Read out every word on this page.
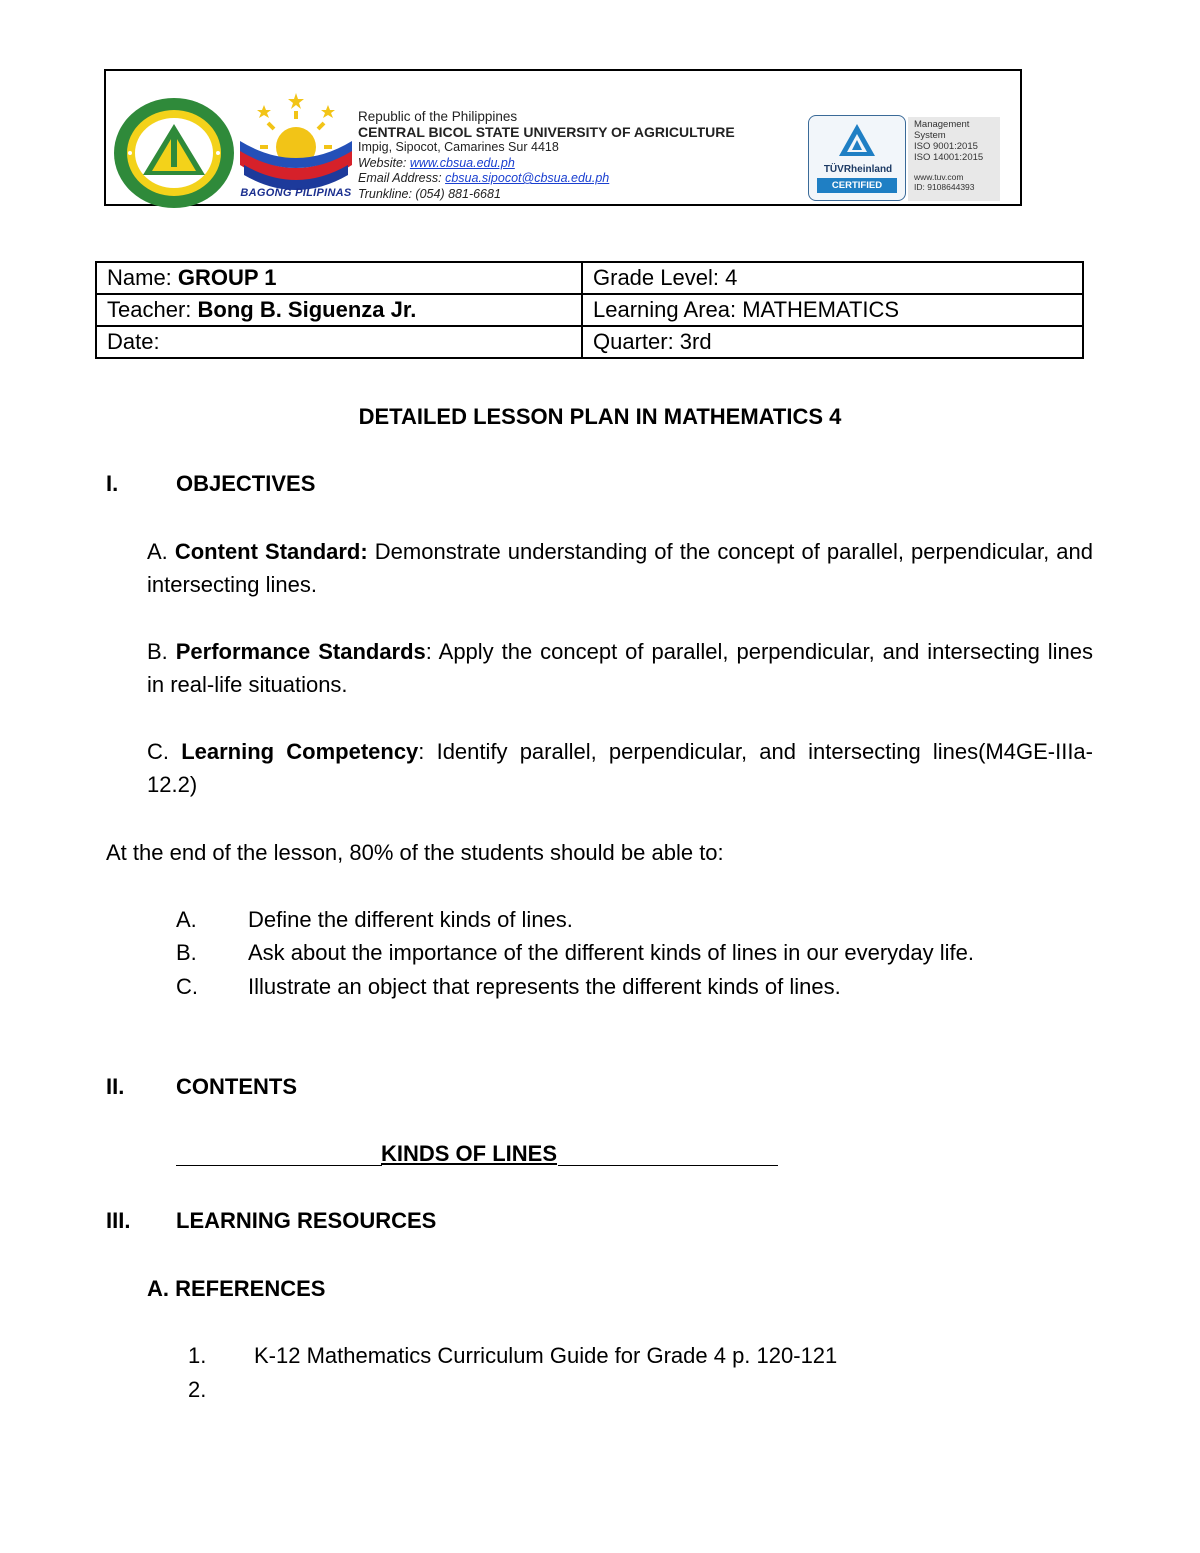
BAGONG PILIPINAS
Republic of the Philippines
CENTRAL BICOL STATE UNIVERSITY OF AGRICULTURE
Impig, Sipocot, Camarines Sur 4418
Website: www.cbsua.edu.ph
Email Address: cbsua.sipocot@cbsua.edu.ph
Trunkline: (054) 881-6681
TÜVRheinland
CERTIFIED
Management
System
ISO 9001:2015
ISO 14001:2015
www.tuv.com
ID: 9108644393
Name: GROUP 1	Grade Level: 4
Teacher: Bong B. Siguenza Jr.	Learning Area: MATHEMATICS
Date:	Quarter: 3rd
DETAILED LESSON PLAN IN MATHEMATICS 4
I.	OBJECTIVES
A. Content Standard: Demonstrate understanding of the concept of parallel, perpendicular, and intersecting lines.
B. Performance Standards: Apply the concept of parallel, perpendicular, and intersecting lines in real-life situations.
C. Learning Competency: Identify parallel, perpendicular, and intersecting lines(M4GE-IIIa-12.2)
At the end of the lesson, 80% of the students should be able to:
A. Define the different kinds of lines.
B. Ask about the importance of the different kinds of lines in our everyday life.
C. Illustrate an object that represents the different kinds of lines.
II. CONTENTS
KINDS OF LINES
III. LEARNING RESOURCES
A. REFERENCES
1. K-12 Mathematics Curriculum Guide for Grade 4 p. 120-121
2.
